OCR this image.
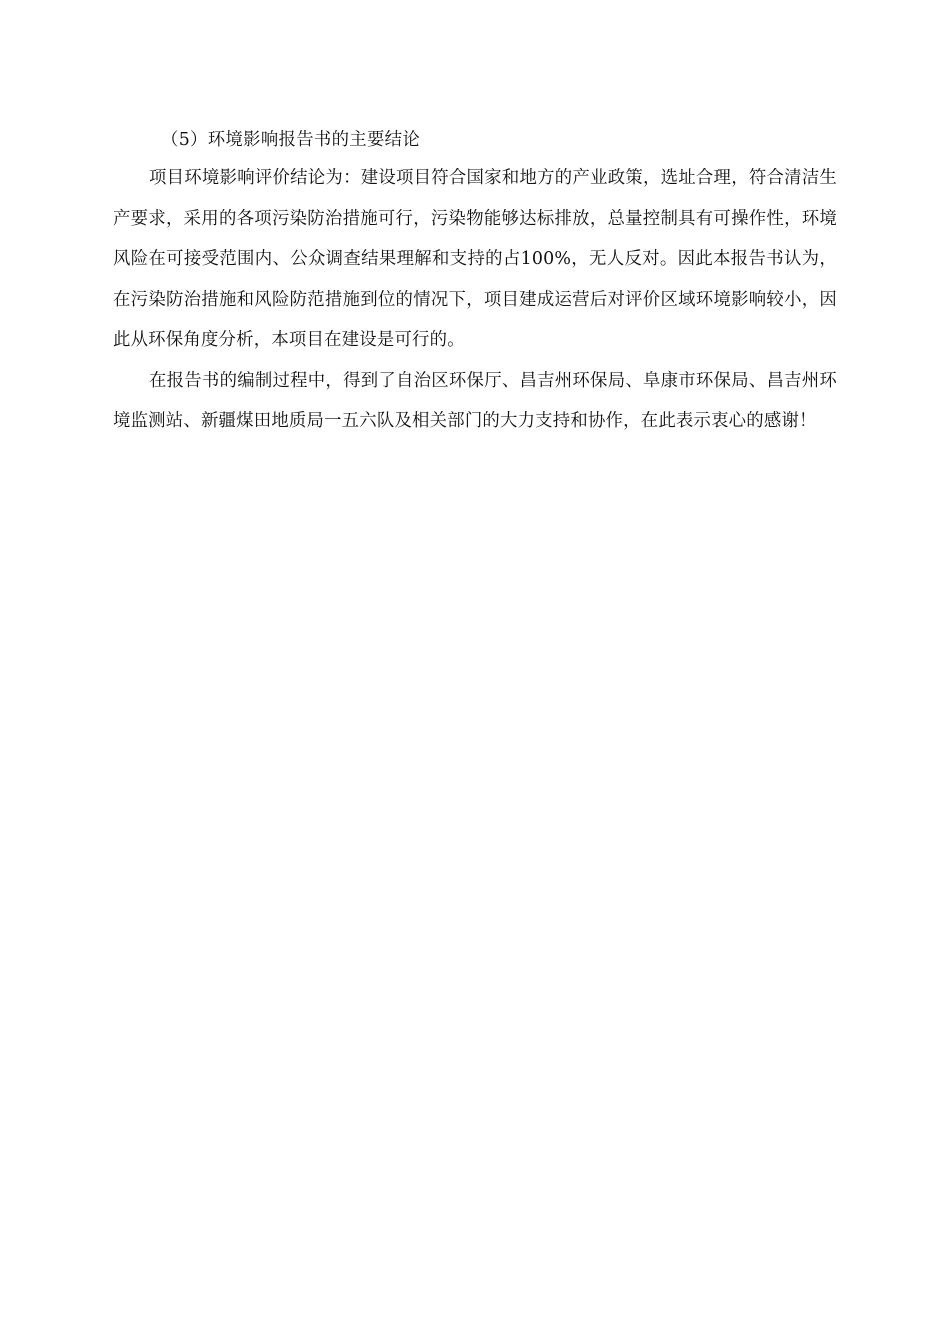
（5）环境影响报告书的主要结论

项目环境影响评价结论为：建设项目符合国家和地方的产业政策，选址合理，符合清洁生产要求，采用的各项污染防治措施可行，污染物能够达标排放，总量控制具有可操作性，环境风险在可接受范围内、公众调查结果理解和支持的占100%，无人反对。因此本报告书认为，在污染防治措施和风险防范措施到位的情况下，项目建成运营后对评价区域环境影响较小，因此从环保角度分析，本项目在建设是可行的。

在报告书的编制过程中，得到了自治区环保厅、昌吉州环保局、阜康市环保局、昌吉州环境监测站、新疆煤田地质局一五六队及相关部门的大力支持和协作，在此表示衷心的感谢！
